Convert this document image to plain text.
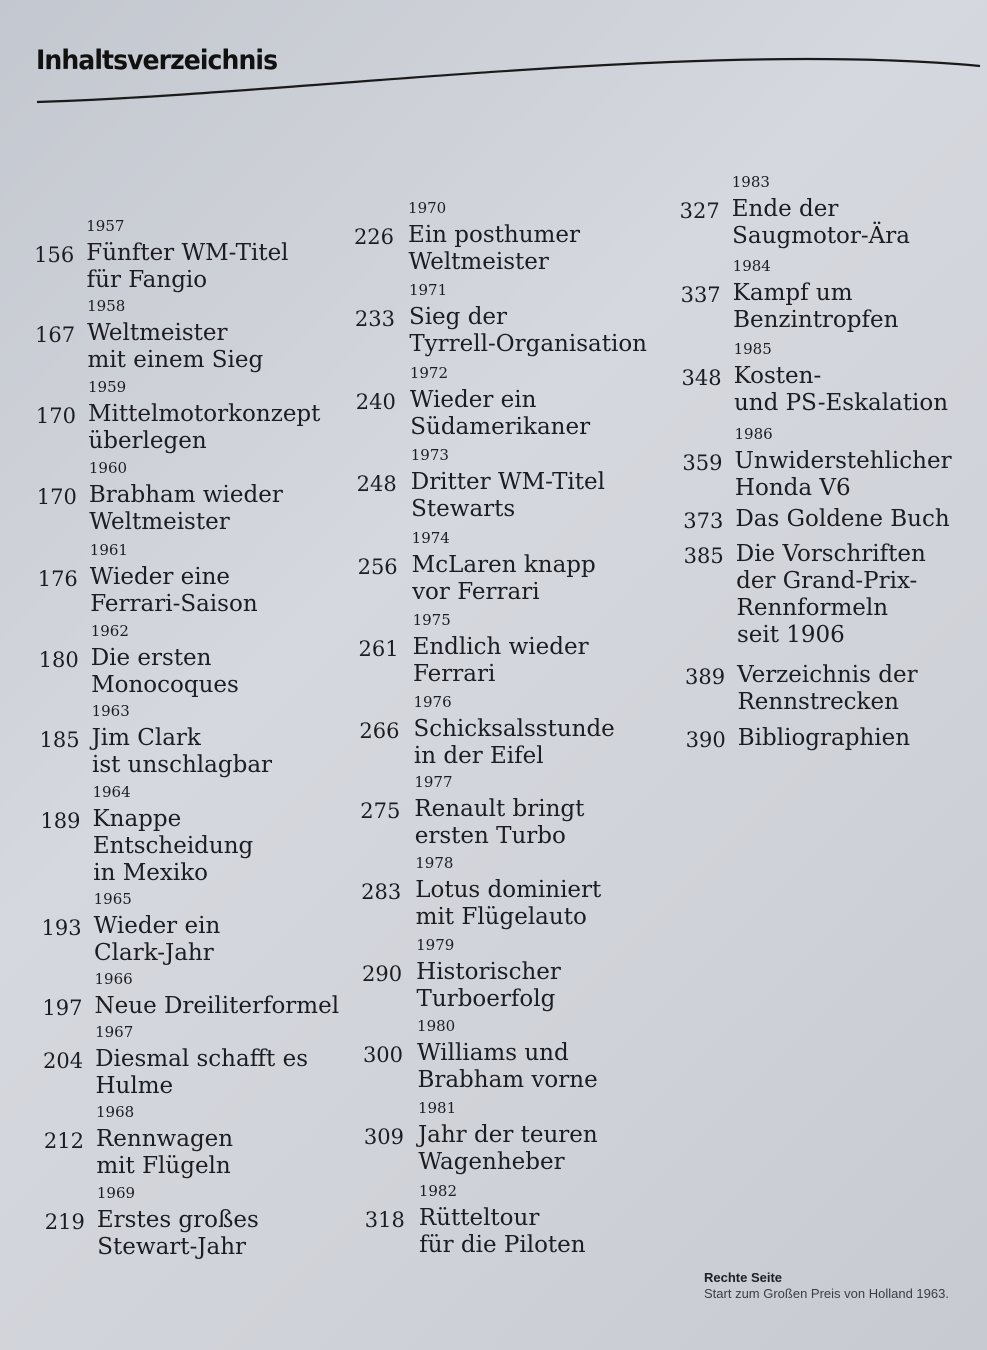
Inhaltsverzeichnis
1957
156 Fünfter WM-Titel
für Fangio
1958
167 Weltmeister
mit einem Sieg
1959
170 Mittelmotorkonzept
überlegen
1960
170 Brabham wieder
Weltmeister
1961
176 Wieder eine
Ferrari-Saison
1962
180 Die ersten
Monocoques
1963
185 Jim Clark
ist unschlagbar
1964
189 Knappe
Entscheidung
in Mexiko
1965
193 Wieder ein
Clark-Jahr
1966
197 Neue Dreiliterformel
1967
204 Diesmal schafft es
Hulme
1968
212 Rennwagen
mit Flügeln
1969
219 Erstes großes
Stewart-Jahr
1970
226 Ein posthumer
Weltmeister
1971
233 Sieg der
Tyrrell-Organisation
1972
240 Wieder ein
Südamerikaner
1973
248 Dritter WM-Titel
Stewarts
1974
256 McLaren knapp
vor Ferrari
1975
261 Endlich wieder
Ferrari
1976
266 Schicksalsstunde
in der Eifel
1977
275 Renault bringt
ersten Turbo
1978
283 Lotus dominiert
mit Flügelauto
1979
290 Historischer
Turboerfolg
1980
300 Williams und
Brabham vorne
1981
309 Jahr der teuren
Wagenheber
1982
318 Rütteltour
für die Piloten
1983
327 Ende der
Saugmotor-Ära
1984
337 Kampf um
Benzintropfen
1985
348 Kosten-
und PS-Eskalation
1986
359 Unwiderstehlicher
Honda V6
373 Das Goldene Buch
385 Die Vorschriften
der Grand-Prix-
Rennformeln
seit 1906
389 Verzeichnis der
Rennstrecken
390 Bibliographien
Rechte Seite
Start zum Großen Preis von Holland 1963.
